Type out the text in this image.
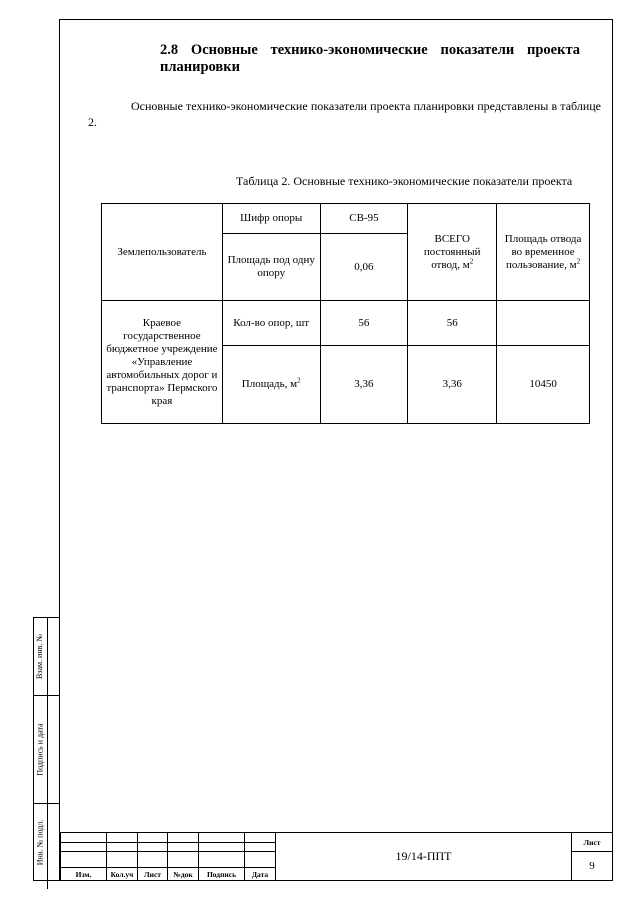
Взам. инв. №
Подпись и дата
Инв. № подл.
2.8 Основные технико-экономические показатели проекта планировки

Основные технико-экономические показатели проекта планировки представлены в таблице 2.

Таблица 2. Основные технико-экономические показатели проекта
Землепользователь	Шифр опоры	СВ-95	ВСЕГО постоянный отвод, $м^2$	Площадь отвода во временное пользование, $м^2$
	Площадь под одну опору	0,06		
Краевое государственное бюджетное учреждение «Управление автомобильных дорог и транспорта» Пермского края	Кол-во опор, шт	56	56	
	Площадь, $м^2$	3,36	3,36	10450
						19/14-ППТ	Лист

							9
Изм.	Кол.уч	Лист	№док	Подпись	Дата		
